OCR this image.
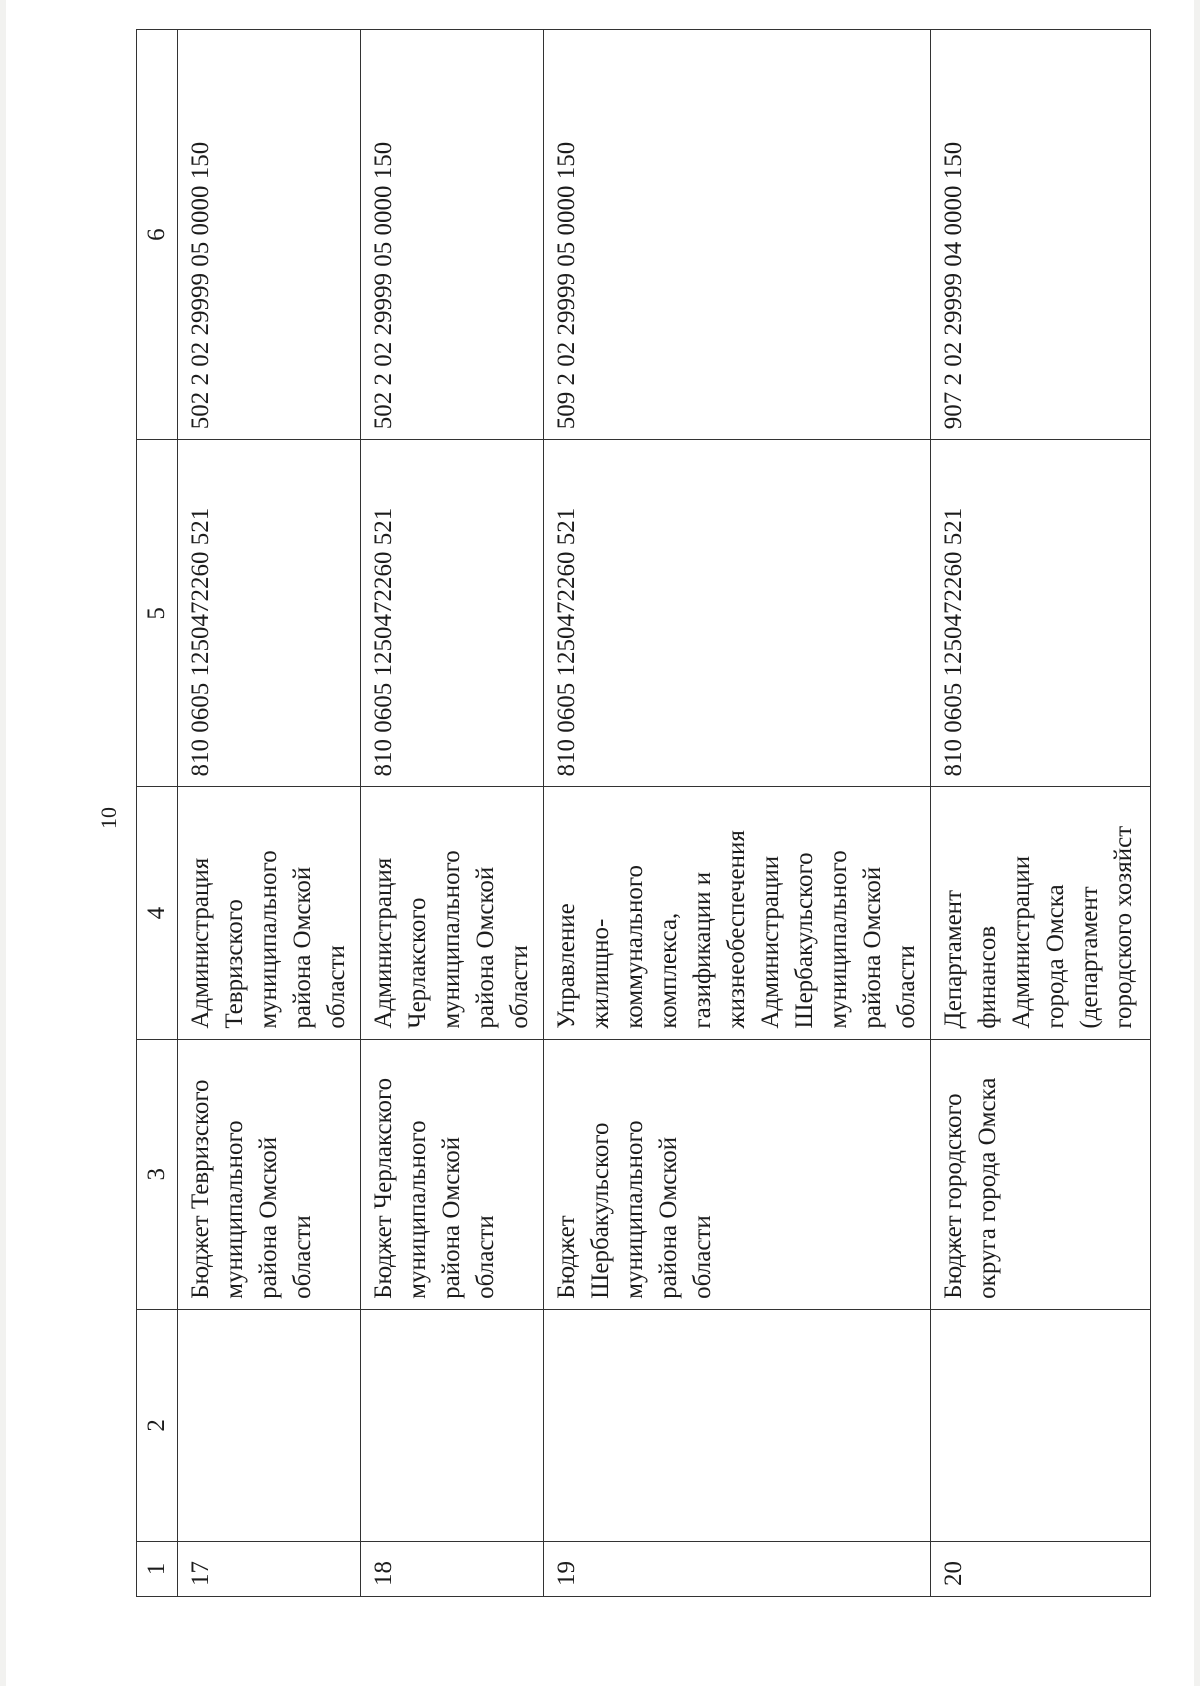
10
1	2	3	4	5	6
17		Бюджет Тевризского муниципального района Омской области	Администрация Тевризского муниципального района Омской области	810 0605 1250472260 521	502 2 02 29999 05 0000 150
18		Бюджет Черлакского муниципального района Омской области	Администрация Черлакского муниципального района Омской области	810 0605 1250472260 521	502 2 02 29999 05 0000 150
19		Бюджет Шербакульского муниципального района Омской области	Управление жилищно-коммунального комплекса, газификации и жизнеобеспечения Администрации Шербакульского муниципального района Омской области	810 0605 1250472260 521	509 2 02 29999 05 0000 150
20		Бюджет городского округа города Омска	Департамент финансов Администрации города Омска (департамент городского хозяйст	810 0605 1250472260 521	907 2 02 29999 04 0000 150
